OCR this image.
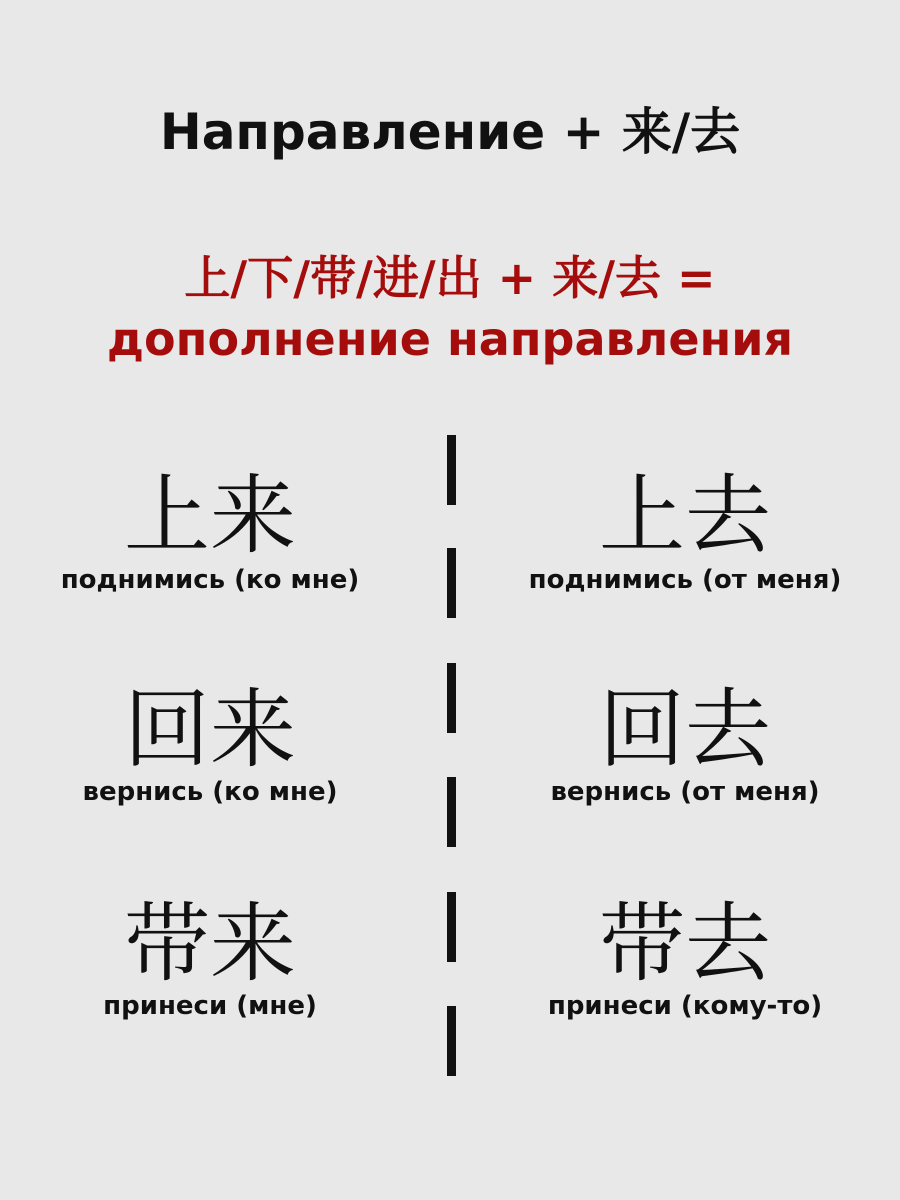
Направление + 来/去
上/下/带/进/出 + 来/去 =
дополнение направления
上来
поднимись (ко мне)
上去
поднимись (от меня)
回来
вернись (ко мне)
回去
вернись (от меня)
带来
принеси (мне)
带去
принеси (кому-то)
